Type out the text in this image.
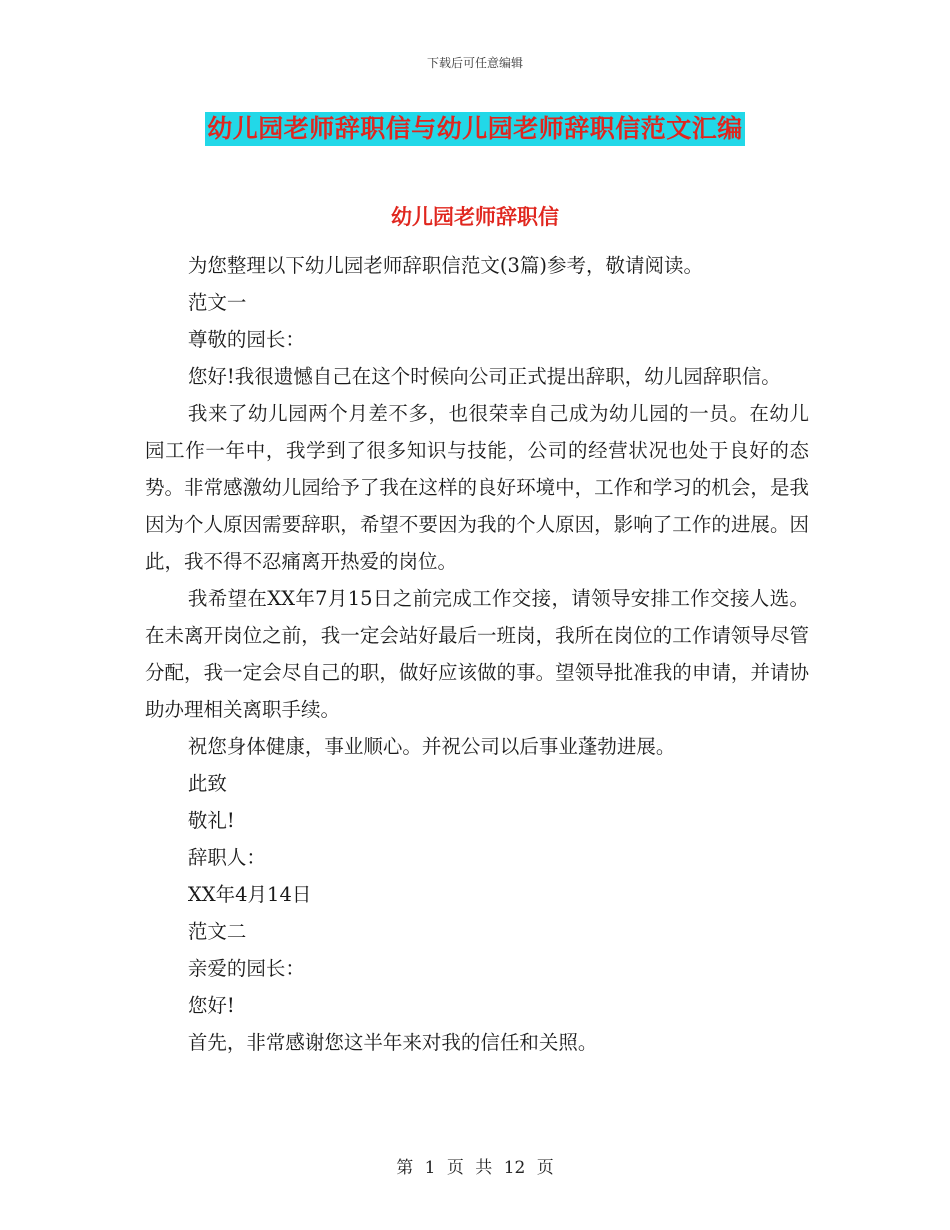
下载后可任意编辑
幼儿园老师辞职信与幼儿园老师辞职信范文汇编
幼儿园老师辞职信

为您整理以下幼儿园老师辞职信范文(3篇)参考，敬请阅读。

范文一

尊敬的园长：

您好!我很遗憾自己在这个时候向公司正式提出辞职，幼儿园辞职信。

我来了幼儿园两个月差不多，也很荣幸自己成为幼儿园的一员。在幼儿园工作一年中，我学到了很多知识与技能，公司的经营状况也处于良好的态势。非常感激幼儿园给予了我在这样的良好环境中，工作和学习的机会，是我因为个人原因需要辞职，希望不要因为我的个人原因，影响了工作的进展。因此，我不得不忍痛离开热爱的岗位。

我希望在XX年7月15日之前完成工作交接，请领导安排工作交接人选。在未离开岗位之前，我一定会站好最后一班岗，我所在岗位的工作请领导尽管分配，我一定会尽自己的职，做好应该做的事。望领导批准我的申请，并请协助办理相关离职手续。

祝您身体健康，事业顺心。并祝公司以后事业蓬勃进展。

此致

敬礼!

辞职人：

XX年4月14日

范文二

亲爱的园长：

您好!

首先，非常感谢您这半年来对我的信任和关照。

第 1 页 共 12 页
